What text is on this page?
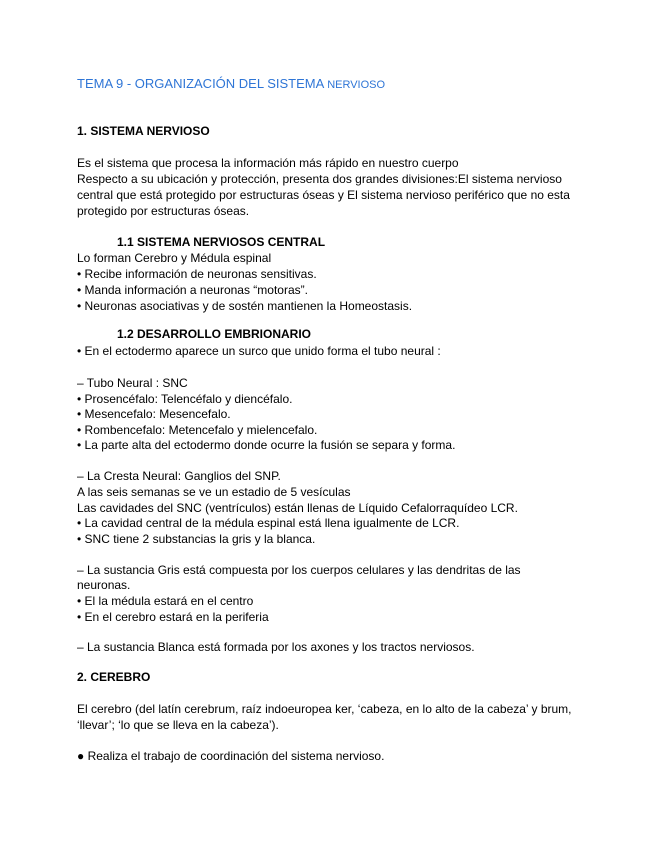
TEMA 9 - ORGANIZACIÓN DEL SISTEMA NERVIOSO
1. SISTEMA NERVIOSO
Es el sistema que procesa la información más rápido en nuestro cuerpo
Respecto a su ubicación y protección, presenta dos grandes divisiones:El sistema nervioso
central que está protegido por estructuras óseas y El sistema nervioso periférico que no esta
protegido por estructuras óseas.
1.1 SISTEMA NERVIOSOS CENTRAL
Lo forman Cerebro y Médula espinal
• Recibe información de neuronas sensitivas.
• Manda información a neuronas “motoras”.
• Neuronas asociativas y de sostén mantienen la Homeostasis.
1.2 DESARROLLO EMBRIONARIO
• En el ectodermo aparece un surco que unido forma el tubo neural :
– Tubo Neural : SNC
• Prosencéfalo: Telencéfalo y diencéfalo.
• Mesencefalo: Mesencefalo.
• Rombencefalo: Metencefalo y mielencefalo.
• La parte alta del ectodermo donde ocurre la fusión se separa y forma.
– La Cresta Neural: Ganglios del SNP.
A las seis semanas se ve un estadio de 5 vesículas
Las cavidades del SNC (ventrículos) están llenas de Líquido Cefalorraquídeo LCR.
• La cavidad central de la médula espinal está llena igualmente de LCR.
• SNC tiene 2 substancias la gris y la blanca.
– La sustancia Gris está compuesta por los cuerpos celulares y las dendritas de las
neuronas.
• El la médula estará en el centro
• En el cerebro estará en la periferia
– La sustancia Blanca está formada por los axones y los tractos nerviosos.
2. CEREBRO
El cerebro (del latín cerebrum, raíz indoeuropea ker, ‘cabeza, en lo alto de la cabeza’ y brum,
‘llevar’; ‘lo que se lleva en la cabeza’).
● Realiza el trabajo de coordinación del sistema nervioso.
